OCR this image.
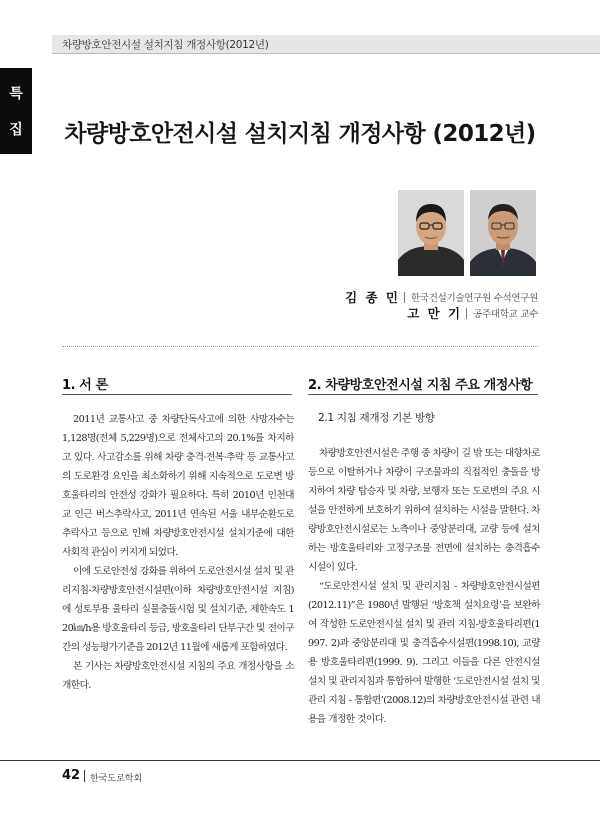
차량방호안전시설 설치지침 개정사항(2012년)
특
집	차량방호안전시설 설치지침 개정사항 (2012년)
김 종 민 한국건설기술연구원 수석연구원
고 만 기 공주대학교 교수
1. 서 론	2. 차량방호안전시설 지침 주요 개정사항

2011년 교통사고 중 차량단독사고에 의한 사망자수는 1,128명(전체 5,229명)으로 전체사고의 20.1%를 차지하고 있다. 사고감소를 위해 차량 충격·전복·추락 등 교통사고의 도로환경 요인을 최소화하기 위해 지속적으로 도로변 방호울타리의 안전성 강화가 필요하다. 특히 2010년 인천대교 인근 버스추락사고, 2011년 연속된 서울 내부순환도로 추락사고 등으로 인해 차량방호안전시설 설치기준에 대한 사회적 관심이 커지게 되었다.

이에 도로안전성 강화를 위하여 도로안전시설 설치 및 관리지침-차량방호안전시설편(이하 차량방호안전시설 지침)에 성토부용 울타리 실물충돌시험 및 설치기준, 제한속도 120㎞/h용 방호울타리 등급, 방호울타리 단부구간 및 전이구간의 성능평가기준을 2012년 11월에 새롭게 포함하였다.

본 기사는 차량방호안전시설 지침의 주요 개정사항을 소개한다.

2.1 지침 재개정 기본 방향

차량방호안전시설은 주행 중 차량이 길 밖 또는 대향차로 등으로 이탈하거나 차량이 구조물과의 직접적인 충돌을 방지하여 차량 탑승자 및 차량, 보행자 또는 도로변의 주요 시설을 안전하게 보호하기 위하여 설치하는 시설을 말한다. 차량방호안전시설로는 노측이나 중앙분리대, 교량 등에 설치하는 방호울타리와 고정구조물 전면에 설치하는 충격흡수시설이 있다.

“도로안전시설 설치 및 관리지침 - 차량방호안전시설편(2012.11)”은 1980년 발행된 ‘방호책 설치요령’을 보완하여 작성한 도로안전시설 설치 및 관리 지침-방호울타리편(1997. 2)과 중앙분리대 및 충격흡수시설편(1998.10), 교량용 방호울타리편(1999. 9). 그리고 이들을 다른 안전시설 설치 및 관리지침과 통합하여 발행한 ‘도로안전시설 설치 및 관리 지침 - 통합편’(2008.12)의 차량방호안전시설 관련 내용을 개정한 것이다.

42 한국도로학회
